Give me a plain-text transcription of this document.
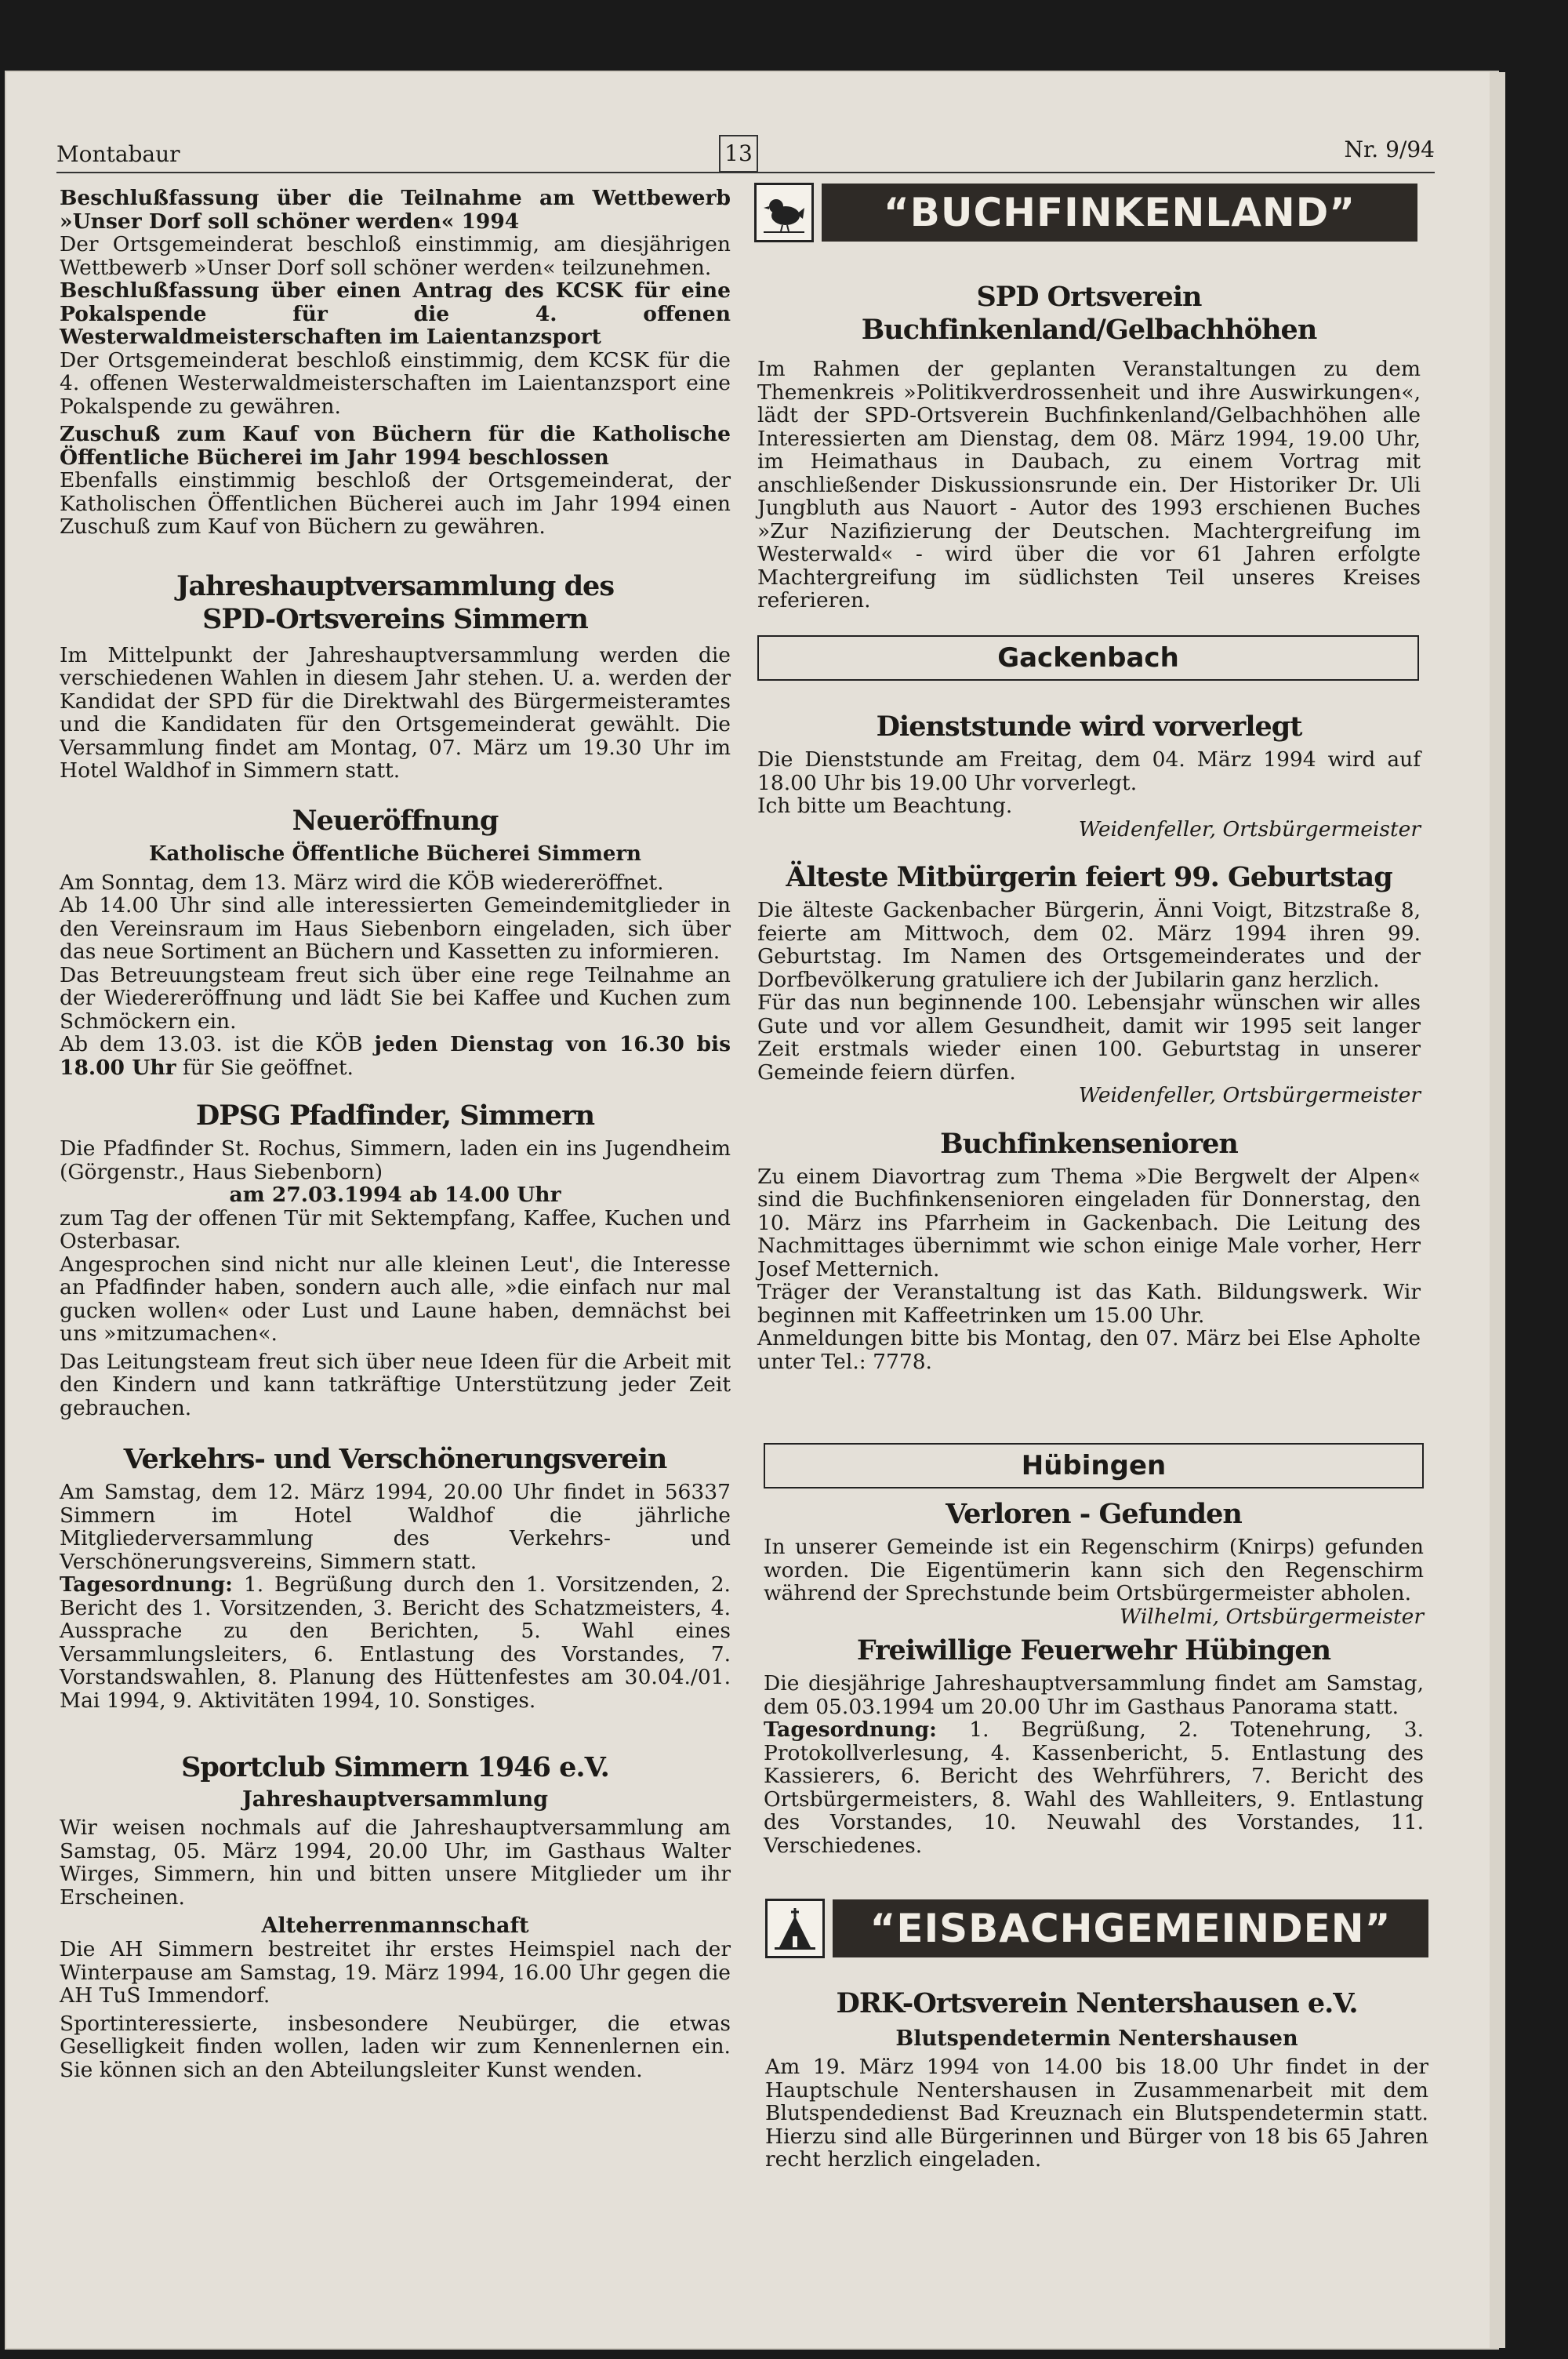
Montabaur	13	Nr. 9/94

Beschlußfassung über die Teilnahme am Wettbewerb »Unser Dorf soll schöner werden« 1994

Der Ortsgemeinderat beschloß einstimmig, am diesjährigen Wettbewerb »Unser Dorf soll schöner werden« teilzunehmen.

Beschlußfassung über einen Antrag des KCSK für eine Pokalspende für die 4. offenen Westerwaldmeisterschaften im Laientanzsport

Der Ortsgemeinderat beschloß einstimmig, dem KCSK für die 4. offenen Westerwaldmeisterschaften im Laientanzsport eine Pokalspende zu gewähren.

Zuschuß zum Kauf von Büchern für die Katholische Öffentliche Bücherei im Jahr 1994 beschlossen

Ebenfalls einstimmig beschloß der Ortsgemeinderat, der Katholischen Öffentlichen Bücherei auch im Jahr 1994 einen Zuschuß zum Kauf von Büchern zu gewähren.

Jahreshauptversammlung des SPD-Ortsvereins Simmern

Im Mittelpunkt der Jahreshauptversammlung werden die verschiedenen Wahlen in diesem Jahr stehen. U. a. werden der Kandidat der SPD für die Direktwahl des Bürgermeisteramtes und die Kandidaten für den Ortsgemeinderat gewählt. Die Versammlung findet am Montag, 07. März um 19.30 Uhr im Hotel Waldhof in Simmern statt.

Neueröffnung
Katholische Öffentliche Bücherei Simmern

Am Sonntag, dem 13. März wird die KÖB wiedereröffnet.

Ab 14.00 Uhr sind alle interessierten Gemeindemitglieder in den Vereinsraum im Haus Siebenborn eingeladen, sich über das neue Sortiment an Büchern und Kassetten zu informieren.

Das Betreuungsteam freut sich über eine rege Teilnahme an der Wiedereröffnung und lädt Sie bei Kaffee und Kuchen zum Schmöckern ein.

Ab dem 13.03. ist die KÖB jeden Dienstag von 16.30 bis 18.00 Uhr für Sie geöffnet.

DPSG Pfadfinder, Simmern

Die Pfadfinder St. Rochus, Simmern, laden ein ins Jugendheim (Görgenstr., Haus Siebenborn)

am 27.03.1994 ab 14.00 Uhr

zum Tag der offenen Tür mit Sektempfang, Kaffee, Kuchen und Osterbasar.

Angesprochen sind nicht nur alle kleinen Leut', die Interesse an Pfadfinder haben, sondern auch alle, »die einfach nur mal gucken wollen« oder Lust und Laune haben, demnächst bei uns »mitzumachen«.

Das Leitungsteam freut sich über neue Ideen für die Arbeit mit den Kindern und kann tatkräftige Unterstützung jeder Zeit gebrauchen.

Verkehrs- und Verschönerungsverein

Am Samstag, dem 12. März 1994, 20.00 Uhr findet in 56337 Simmern im Hotel Waldhof die jährliche Mitgliederversammlung des Verkehrs- und Verschönerungsvereins, Simmern statt.

Tagesordnung: 1. Begrüßung durch den 1. Vorsitzenden, 2. Bericht des 1. Vorsitzenden, 3. Bericht des Schatzmeisters, 4. Aussprache zu den Berichten, 5. Wahl eines Versammlungsleiters, 6. Entlastung des Vorstandes, 7. Vorstandswahlen, 8. Planung des Hüttenfestes am 30.04./01. Mai 1994, 9. Aktivitäten 1994, 10. Sonstiges.

Sportclub Simmern 1946 e.V.
Jahreshauptversammlung

Wir weisen nochmals auf die Jahreshauptversammlung am Samstag, 05. März 1994, 20.00 Uhr, im Gasthaus Walter Wirges, Simmern, hin und bitten unsere Mitglieder um ihr Erscheinen.

Alteherrenmannschaft

Die AH Simmern bestreitet ihr erstes Heimspiel nach der Winterpause am Samstag, 19. März 1994, 16.00 Uhr gegen die AH TuS Immendorf.

Sportinteressierte, insbesondere Neubürger, die etwas Geselligkeit finden wollen, laden wir zum Kennenlernen ein. Sie können sich an den Abteilungsleiter Kunst wenden.

“BUCHFINKENLAND”
SPD Ortsverein
Buchfinkenland/Gelbachhöhen

Im Rahmen der geplanten Veranstaltungen zu dem Themenkreis »Politikverdrossenheit und ihre Auswirkungen«, lädt der SPD-Ortsverein Buchfinkenland/Gelbachhöhen alle Interessierten am Dienstag, dem 08. März 1994, 19.00 Uhr, im Heimathaus in Daubach, zu einem Vortrag mit anschließender Diskussionsrunde ein. Der Historiker Dr. Uli Jungbluth aus Nauort - Autor des 1993 erschienen Buches »Zur Nazifizierung der Deutschen. Machtergreifung im Westerwald« - wird über die vor 61 Jahren erfolgte Machtergreifung im südlichsten Teil unseres Kreises referieren.

Gackenbach
Dienststunde wird vorverlegt

Die Dienststunde am Freitag, dem 04. März 1994 wird auf 18.00 Uhr bis 19.00 Uhr vorverlegt.

Ich bitte um Beachtung.

Weidenfeller, Ortsbürgermeister

Älteste Mitbürgerin feiert 99. Geburtstag

Die älteste Gackenbacher Bürgerin, Änni Voigt, Bitzstraße 8, feierte am Mittwoch, dem 02. März 1994 ihren 99. Geburtstag. Im Namen des Ortsgemeinderates und der Dorfbevölkerung gratuliere ich der Jubilarin ganz herzlich.

Für das nun beginnende 100. Lebensjahr wünschen wir alles Gute und vor allem Gesundheit, damit wir 1995 seit langer Zeit erstmals wieder einen 100. Geburtstag in unserer Gemeinde feiern dürfen.

Weidenfeller, Ortsbürgermeister

Buchfinkensenioren

Zu einem Diavortrag zum Thema »Die Bergwelt der Alpen« sind die Buchfinkensenioren eingeladen für Donnerstag, den 10. März ins Pfarrheim in Gackenbach. Die Leitung des Nachmittages übernimmt wie schon einige Male vorher, Herr Josef Metternich.

Träger der Veranstaltung ist das Kath. Bildungswerk. Wir beginnen mit Kaffeetrinken um 15.00 Uhr.

Anmeldungen bitte bis Montag, den 07. März bei Else Apholte unter Tel.: 7778.

Hübingen
Verloren - Gefunden

In unserer Gemeinde ist ein Regenschirm (Knirps) gefunden worden. Die Eigentümerin kann sich den Regenschirm während der Sprechstunde beim Ortsbürgermeister abholen.

Wilhelmi, Ortsbürgermeister

Freiwillige Feuerwehr Hübingen

Die diesjährige Jahreshauptversammlung findet am Samstag, dem 05.03.1994 um 20.00 Uhr im Gasthaus Panorama statt.

Tagesordnung: 1. Begrüßung, 2. Totenehrung, 3. Protokollverlesung, 4. Kassenbericht, 5. Entlastung des Kassierers, 6. Bericht des Wehrführers, 7. Bericht des Ortsbürgermeisters, 8. Wahl des Wahlleiters, 9. Entlastung des Vorstandes, 10. Neuwahl des Vorstandes, 11. Verschiedenes.

“EISBACHGEMEINDEN”
DRK-Ortsverein Nentershausen e.V.
Blutspendetermin Nentershausen

Am 19. März 1994 von 14.00 bis 18.00 Uhr findet in der Hauptschule Nentershausen in Zusammenarbeit mit dem Blutspendedienst Bad Kreuznach ein Blutspendetermin statt. Hierzu sind alle Bürgerinnen und Bürger von 18 bis 65 Jahren recht herzlich eingeladen.
